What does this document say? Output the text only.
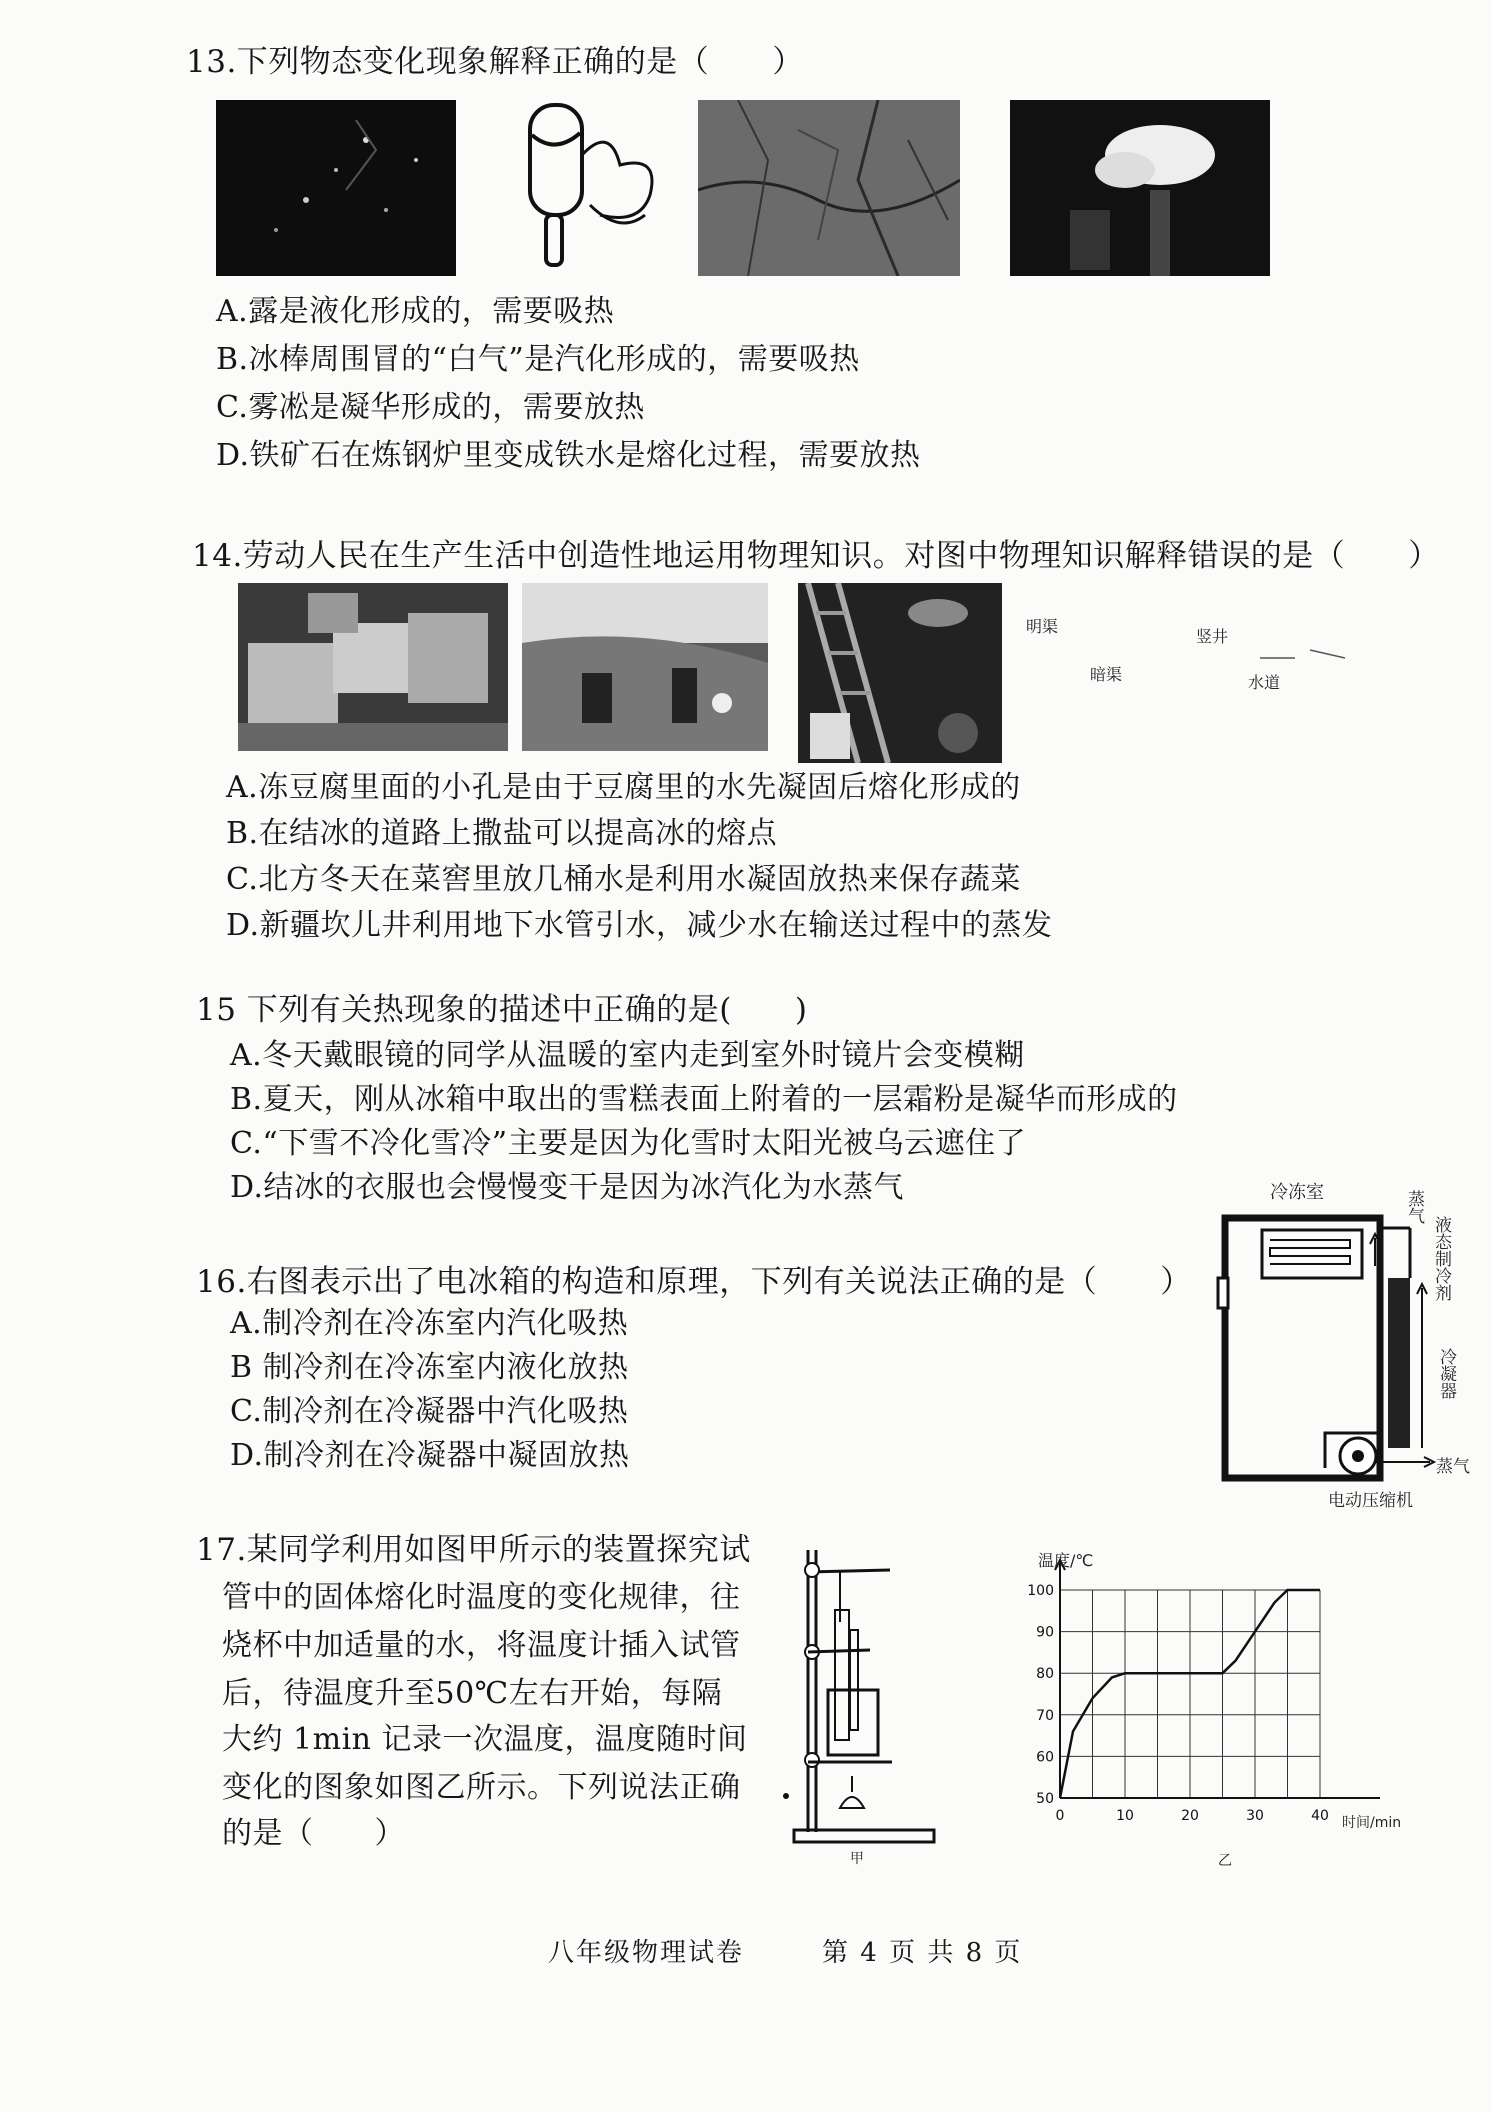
13.下列物态变化现象解释正确的是（　　）
A.露是液化形成的，需要吸热
B.冰棒周围冒的“白气”是汽化形成的，需要吸热
C.雾凇是凝华形成的，需要放热
D.铁矿石在炼钢炉里变成铁水是熔化过程，需要放热
14.劳动人民在生产生活中创造性地运用物理知识。对图中物理知识解释错误的是（　　）
明渠
竖井
暗渠	水道
A.冻豆腐里面的小孔是由于豆腐里的水先凝固后熔化形成的
B.在结冰的道路上撒盐可以提高冰的熔点
C.北方冬天在菜窖里放几桶水是利用水凝固放热来保存蔬菜
D.新疆坎儿井利用地下水管引水，减少水在输送过程中的蒸发
15 下列有关热现象的描述中正确的是(　　)
A.冬天戴眼镜的同学从温暖的室内走到室外时镜片会变模糊
B.夏天，刚从冰箱中取出的雪糕表面上附着的一层霜粉是凝华而形成的
C.“下雪不冷化雪冷”主要是因为化雪时太阳光被乌云遮住了
D.结冰的衣服也会慢慢变干是因为冰汽化为水蒸气
16.右图表示出了电冰箱的构造和原理，下列有关说法正确的是（　　）
A.制冷剂在冷冻室内汽化吸热
B 制冷剂在冷冻室内液化放热
C.制冷剂在冷凝器中汽化吸热
D.制冷剂在冷凝器中凝固放热
冷冻室	蒸气
液态制冷剂
冷凝器
蒸气
电动压缩机
17.某同学利用如图甲所示的装置探究试
管中的固体熔化时温度的变化规律，往
烧杯中加适量的水，将温度计插入试管
后，待温度升至50℃左右开始，每隔
大约 1min 记录一次温度，温度随时间
变化的图象如图乙所示。下列说法正确
的是（　　）
甲
0	10	20	30	40
50
60
70
80
90
100
温度/℃
时间/min
乙
八年级物理试卷	第 4 页 共 8 页
